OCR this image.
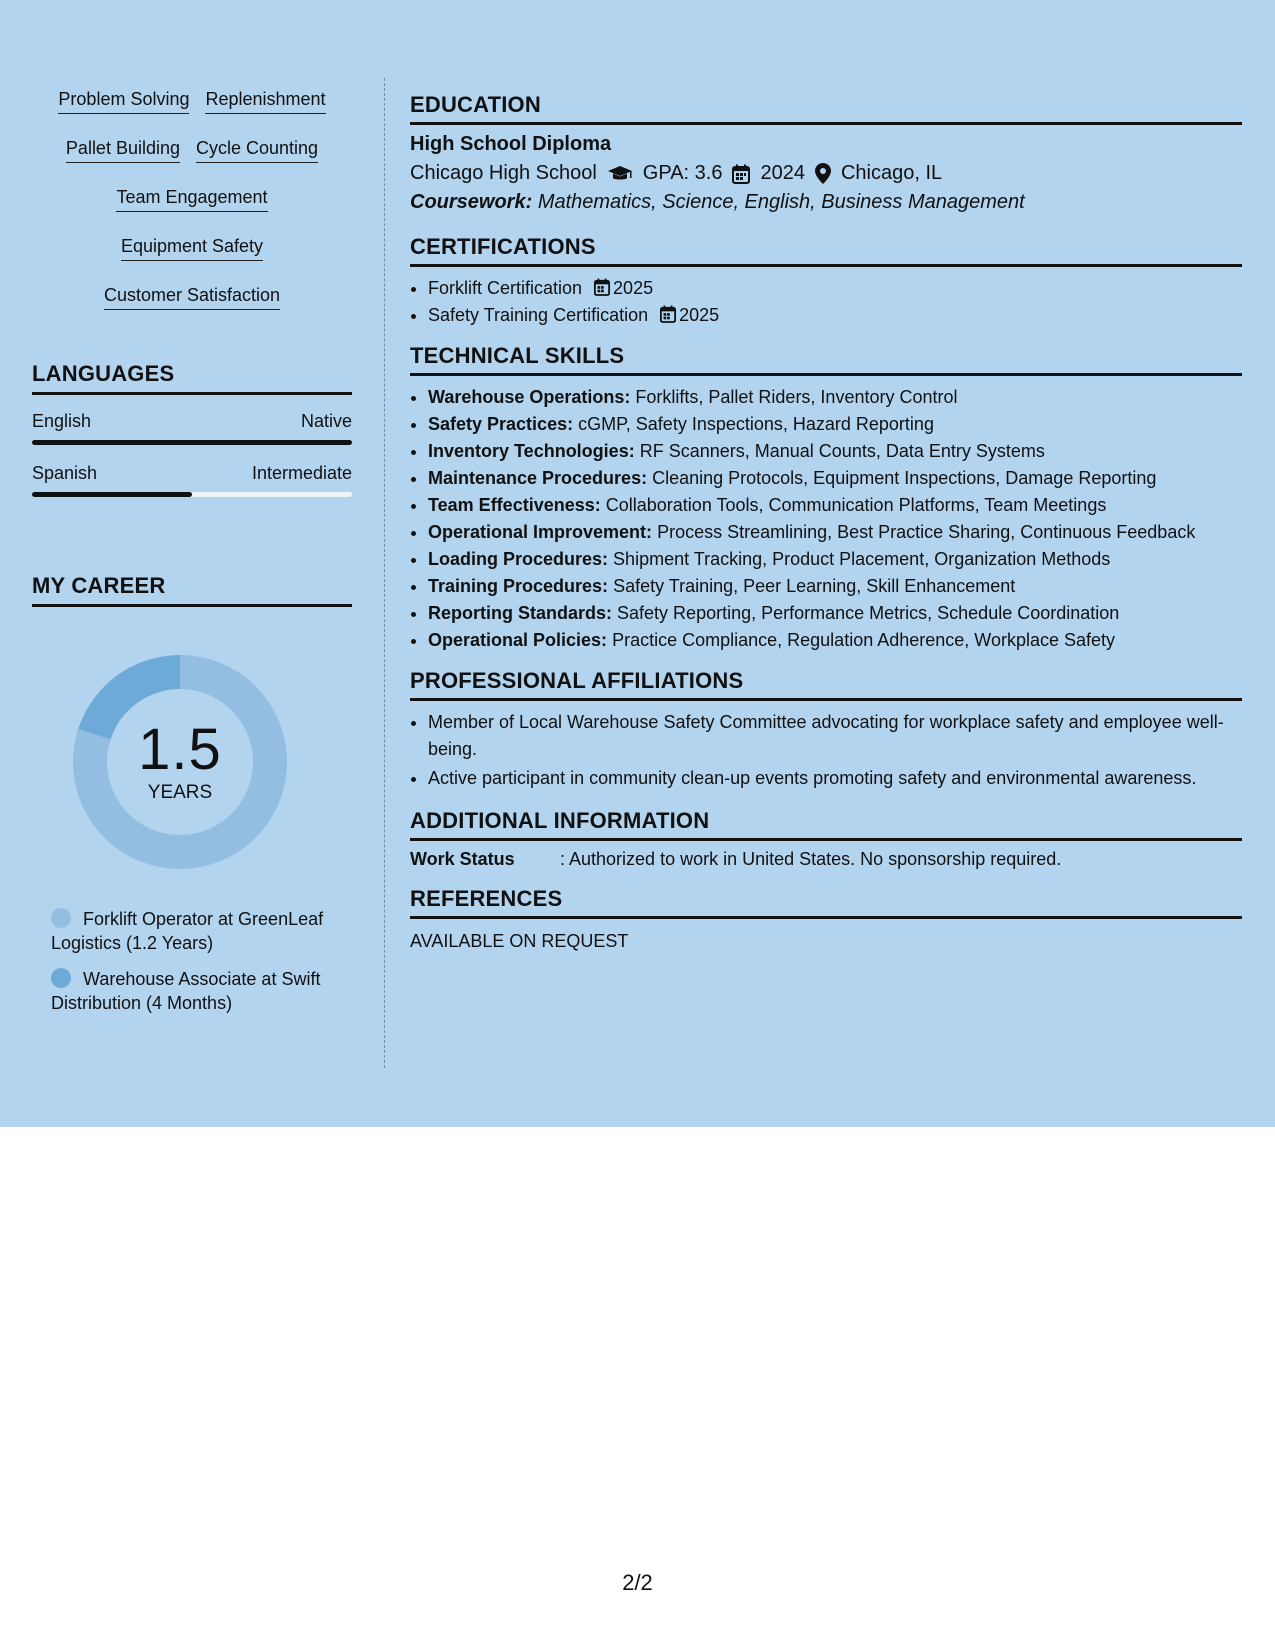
Problem Solving Replenishment
Pallet Building Cycle Counting
Team Engagement
Equipment Safety
Customer Satisfaction
LANGUAGES
English	Native
Spanish	Intermediate
MY CAREER
1.5
YEARS
Forklift Operator at GreenLeaf Logistics (1.2 Years)
Warehouse Associate at Swift Distribution (4 Months)
EDUCATION
High School Diploma
Chicago High School GPA: 3.6 2024 Chicago, IL
Coursework: Mathematics, Science, English, Business Management
CERTIFICATIONS
• Forklift Certification 2025
• Safety Training Certification 2025
TECHNICAL SKILLS
• Warehouse Operations: Forklifts, Pallet Riders, Inventory Control
• Safety Practices: cGMP, Safety Inspections, Hazard Reporting
• Inventory Technologies: RF Scanners, Manual Counts, Data Entry Systems
• Maintenance Procedures: Cleaning Protocols, Equipment Inspections, Damage Reporting
• Team Effectiveness: Collaboration Tools, Communication Platforms, Team Meetings
• Operational Improvement: Process Streamlining, Best Practice Sharing, Continuous Feedback
• Loading Procedures: Shipment Tracking, Product Placement, Organization Methods
• Training Procedures: Safety Training, Peer Learning, Skill Enhancement
• Reporting Standards: Safety Reporting, Performance Metrics, Schedule Coordination
• Operational Policies: Practice Compliance, Regulation Adherence, Workplace Safety
PROFESSIONAL AFFILIATIONS
• Member of Local Warehouse Safety Committee advocating for workplace safety and employee well-being.
• Active participant in community clean-up events promoting safety and environmental awareness.
ADDITIONAL INFORMATION
Work Status	: Authorized to work in United States. No sponsorship required.
REFERENCES
AVAILABLE ON REQUEST
2/2
